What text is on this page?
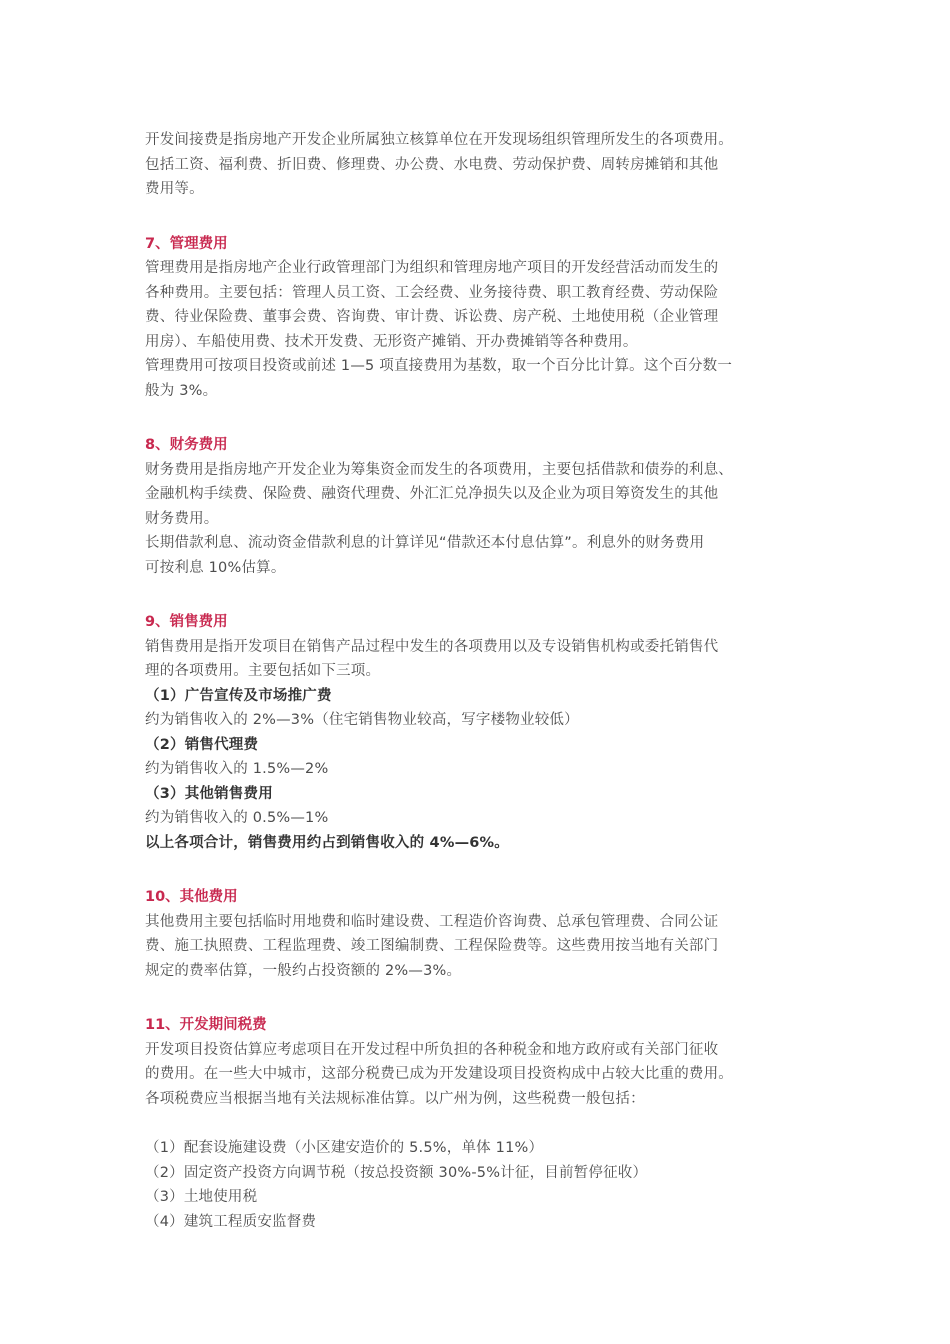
开发间接费是指房地产开发企业所属独立核算单位在开发现场组织管理所发生的各项费用。

包括工资、福利费、折旧费、修理费、办公费、水电费、劳动保护费、周转房摊销和其他

费用等。

7、管理费用

管理费用是指房地产企业行政管理部门为组织和管理房地产项目的开发经营活动而发生的

各种费用。主要包括：管理人员工资、工会经费、业务接待费、职工教育经费、劳动保险

费、待业保险费、董事会费、咨询费、审计费、诉讼费、房产税、土地使用税（企业管理

用房）、车船使用费、技术开发费、无形资产摊销、开办费摊销等各种费用。

管理费用可按项目投资或前述 1—5 项直接费用为基数，取一个百分比计算。这个百分数一

般为 3%。

8、财务费用

财务费用是指房地产开发企业为筹集资金而发生的各项费用，主要包括借款和债券的利息、

金融机构手续费、保险费、融资代理费、外汇汇兑净损失以及企业为项目筹资发生的其他

财务费用。

长期借款利息、流动资金借款利息的计算详见“借款还本付息估算”。利息外的财务费用

可按利息 10%估算。

9、销售费用

销售费用是指开发项目在销售产品过程中发生的各项费用以及专设销售机构或委托销售代

理的各项费用。主要包括如下三项。

（1）广告宣传及市场推广费

约为销售收入的 2%—3%（住宅销售物业较高，写字楼物业较低）

（2）销售代理费

约为销售收入的 1.5%—2%

（3）其他销售费用

约为销售收入的 0.5%—1%

以上各项合计，销售费用约占到销售收入的 4%—6%。

10、其他费用

其他费用主要包括临时用地费和临时建设费、工程造价咨询费、总承包管理费、合同公证

费、施工执照费、工程监理费、竣工图编制费、工程保险费等。这些费用按当地有关部门

规定的费率估算，一般约占投资额的 2%—3%。

11、开发期间税费

开发项目投资估算应考虑项目在开发过程中所负担的各种税金和地方政府或有关部门征收

的费用。在一些大中城市，这部分税费已成为开发建设项目投资构成中占较大比重的费用。

各项税费应当根据当地有关法规标准估算。以广州为例，这些税费一般包括：

（1）配套设施建设费（小区建安造价的 5.5%，单体 11%）

（2）固定资产投资方向调节税（按总投资额 30%-5%计征，目前暂停征收）

（3）土地使用税

（4）建筑工程质安监督费
